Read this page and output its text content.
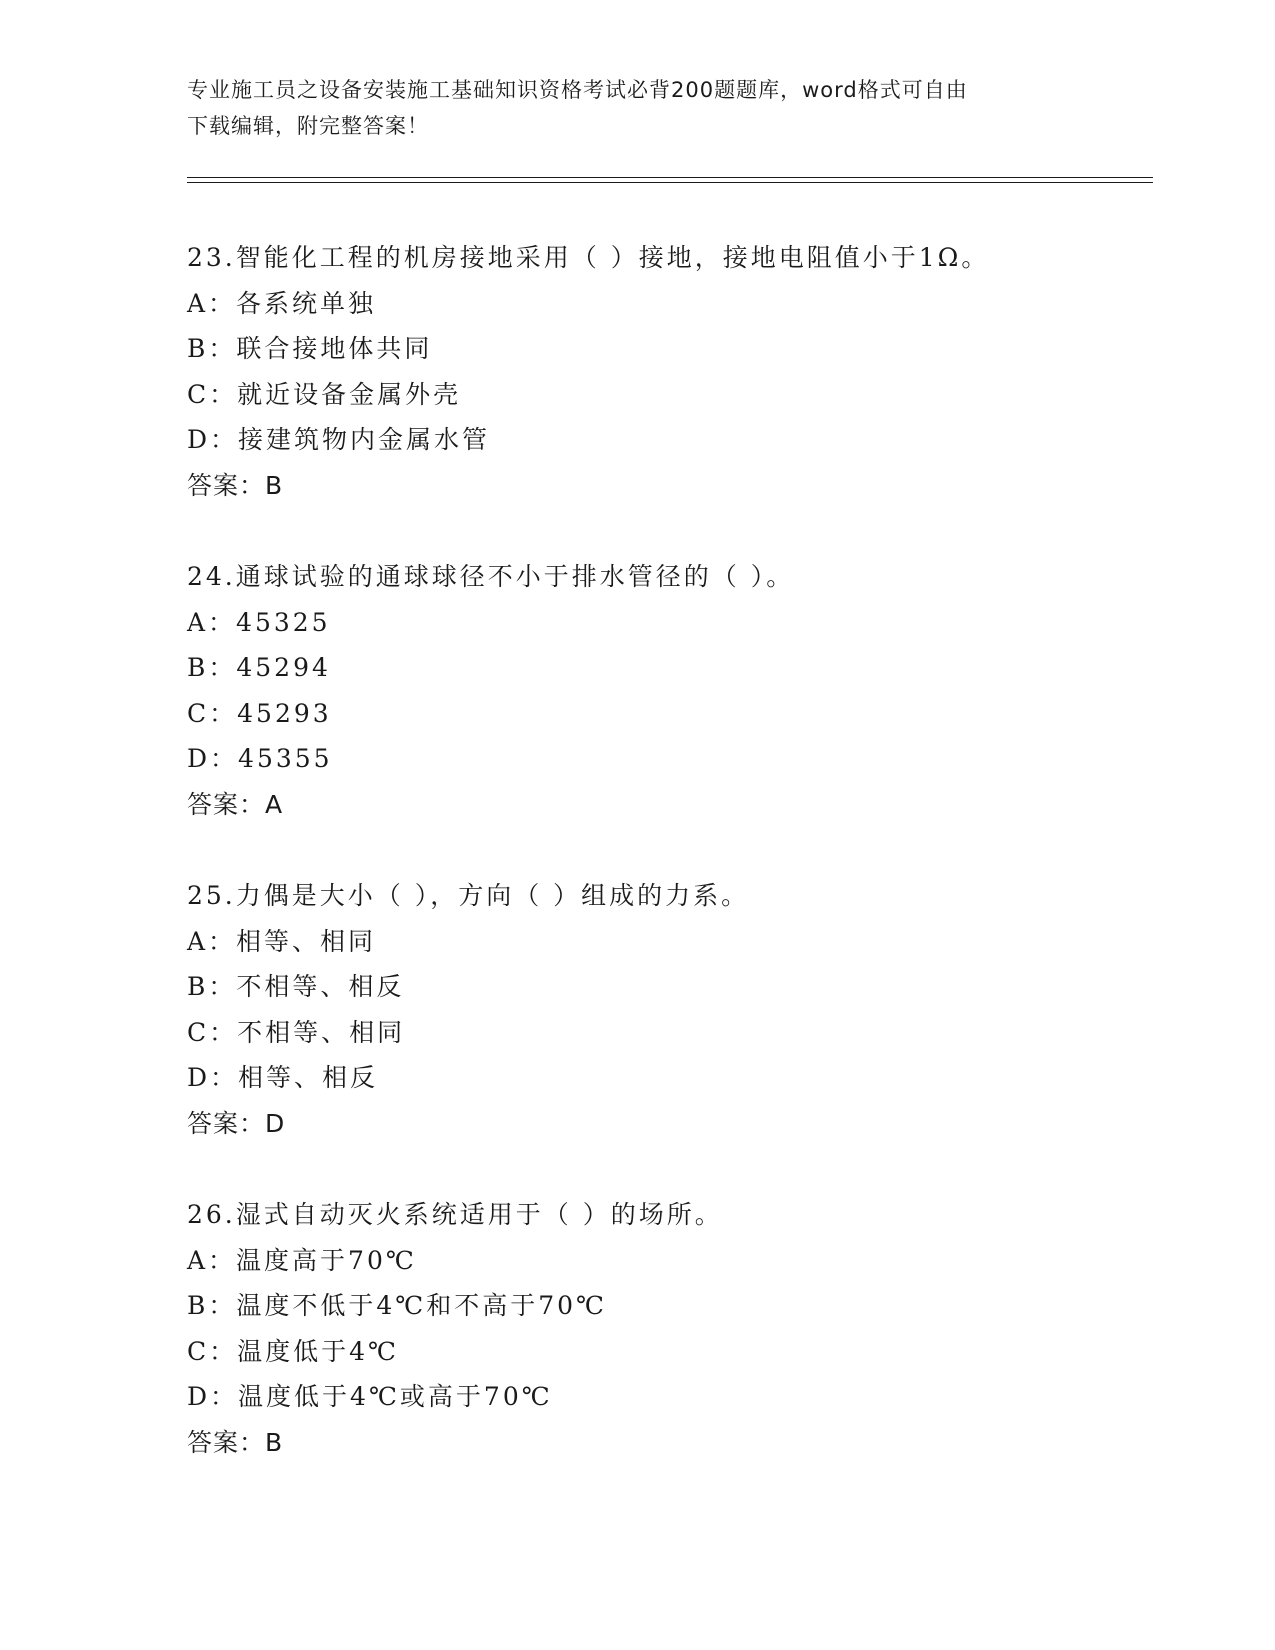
专业施工员之设备安装施工基础知识资格考试必背200题题库，word格式可自由
下载编辑，附完整答案！
23.智能化工程的机房接地采用（ ）接地，接地电阻值小于1Ω。
A：各系统单独
B：联合接地体共同
C：就近设备金属外壳
D：接建筑物内金属水管
答案：B
24.通球试验的通球球径不小于排水管径的（ ）。
A：45325
B：45294
C：45293
D：45355
答案：A
25.力偶是大小（ ），方向（ ）组成的力系。
A：相等、相同
B：不相等、相反
C：不相等、相同
D：相等、相反
答案：D
26.湿式自动灭火系统适用于（ ）的场所。
A：温度高于70℃
B：温度不低于4℃和不高于70℃
C：温度低于4℃
D：温度低于4℃或高于70℃
答案：B
